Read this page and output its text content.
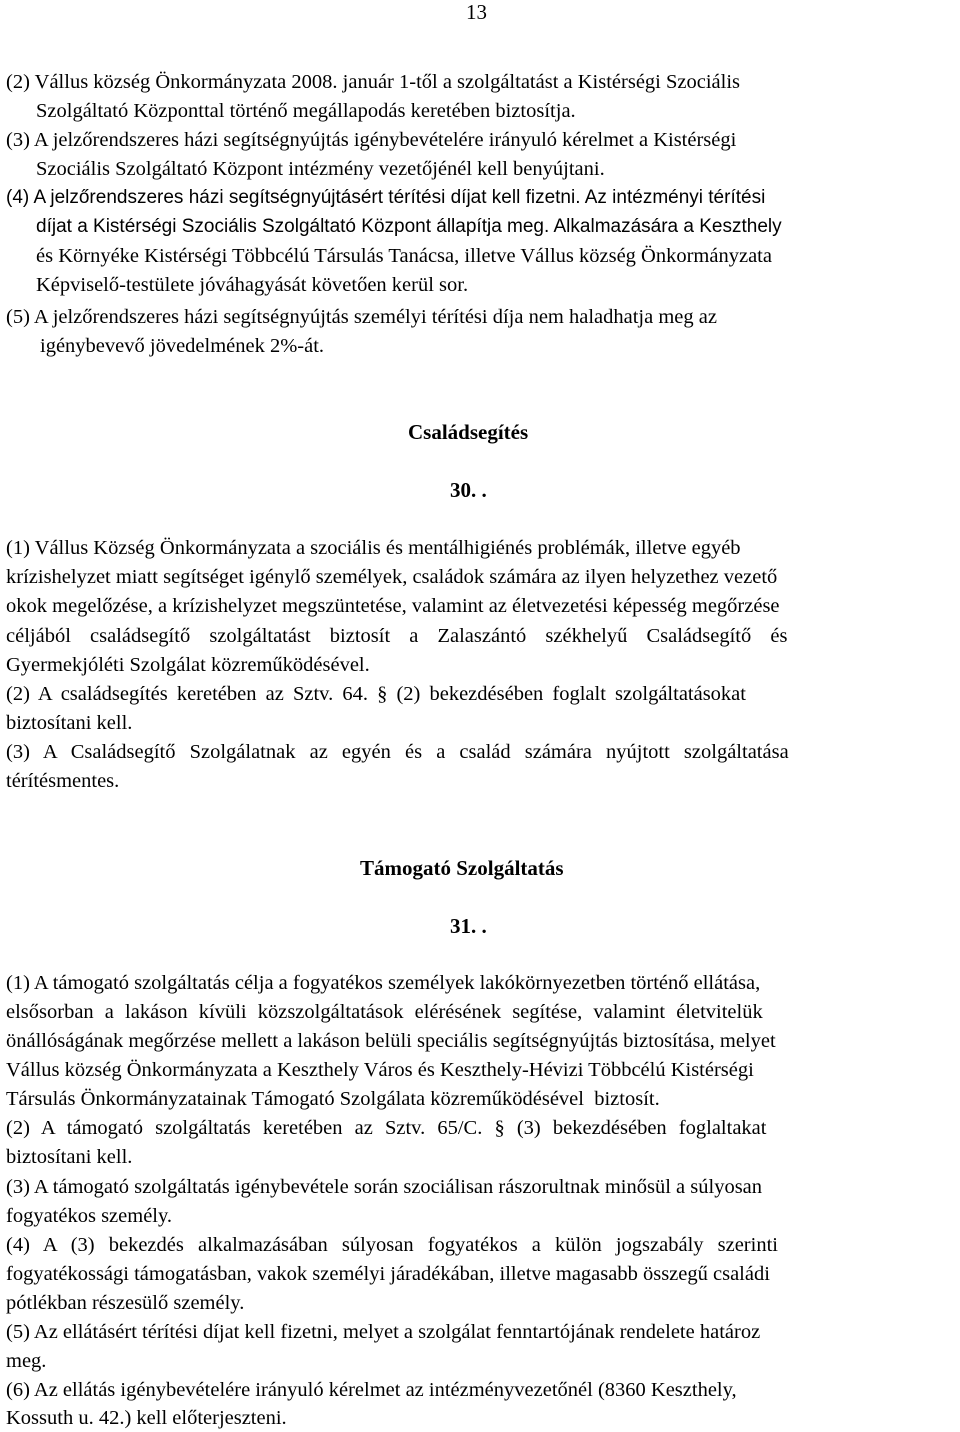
13
(2) Vállus község Önkormányzata 2008. január 1-től a szolgáltatást a Kistérségi Szociális
Szolgáltató Központtal történő megállapodás keretében biztosítja.
(3) A jelzőrendszeres házi segítségnyújtás igénybevételére irányuló kérelmet a Kistérségi
Szociális Szolgáltató Központ intézmény vezetőjénél kell benyújtani.
(4) A jelzőrendszeres házi segítségnyújtásért térítési díjat kell fizetni. Az intézményi térítési
díjat a Kistérségi Szociális Szolgáltató Központ állapítja meg. Alkalmazására a Keszthely
és Környéke Kistérségi Többcélú Társulás Tanácsa, illetve Vállus község Önkormányzata
Képviselő-testülete jóváhagyását követően kerül sor.
(5) A jelzőrendszeres házi segítségnyújtás személyi térítési díja nem haladhatja meg az
igénybevevő jövedelmének 2%-át.
Családsegítés
30. .
(1) Vállus Község Önkormányzata a szociális és mentálhigiénés problémák, illetve egyéb
krízishelyzet miatt segítséget igénylő személyek, családok számára az ilyen helyzethez vezető
okok megelőzése, a krízishelyzet megszüntetése, valamint az életvezetési képesség megőrzése
céljából családsegítő szolgáltatást biztosít a Zalaszántó székhelyű Családsegítő és
Gyermekjóléti Szolgálat közreműködésével.
(2) A családsegítés keretében az Sztv. 64. § (2) bekezdésében foglalt szolgáltatásokat
biztosítani kell.
(3) A Családsegítő Szolgálatnak az egyén és a család számára nyújtott szolgáltatása
térítésmentes.
Támogató Szolgáltatás
31. .
(1) A támogató szolgáltatás célja a fogyatékos személyek lakókörnyezetben történő ellátása,
elsősorban a lakáson kívüli közszolgáltatások elérésének segítése, valamint életvitelük
önállóságának megőrzése mellett a lakáson belüli speciális segítségnyújtás biztosítása, melyet
Vállus község Önkormányzata a Keszthely Város és Keszthely-Hévizi Többcélú Kistérségi
Társulás Önkormányzatainak Támogató Szolgálata közreműködésével  biztosít.
(2) A támogató szolgáltatás keretében az Sztv. 65/C. § (3) bekezdésében foglaltakat
biztosítani kell.
(3) A támogató szolgáltatás igénybevétele során szociálisan rászorultnak minősül a súlyosan
fogyatékos személy.
(4) A (3) bekezdés alkalmazásában súlyosan fogyatékos a külön jogszabály szerinti
fogyatékossági támogatásban, vakok személyi járadékában, illetve magasabb összegű családi
pótlékban részesülő személy.
(5) Az ellátásért térítési díjat kell fizetni, melyet a szolgálat fenntartójának rendelete határoz
meg.
(6) Az ellátás igénybevételére irányuló kérelmet az intézményvezetőnél (8360 Keszthely,
Kossuth u. 42.) kell előterjeszteni.
